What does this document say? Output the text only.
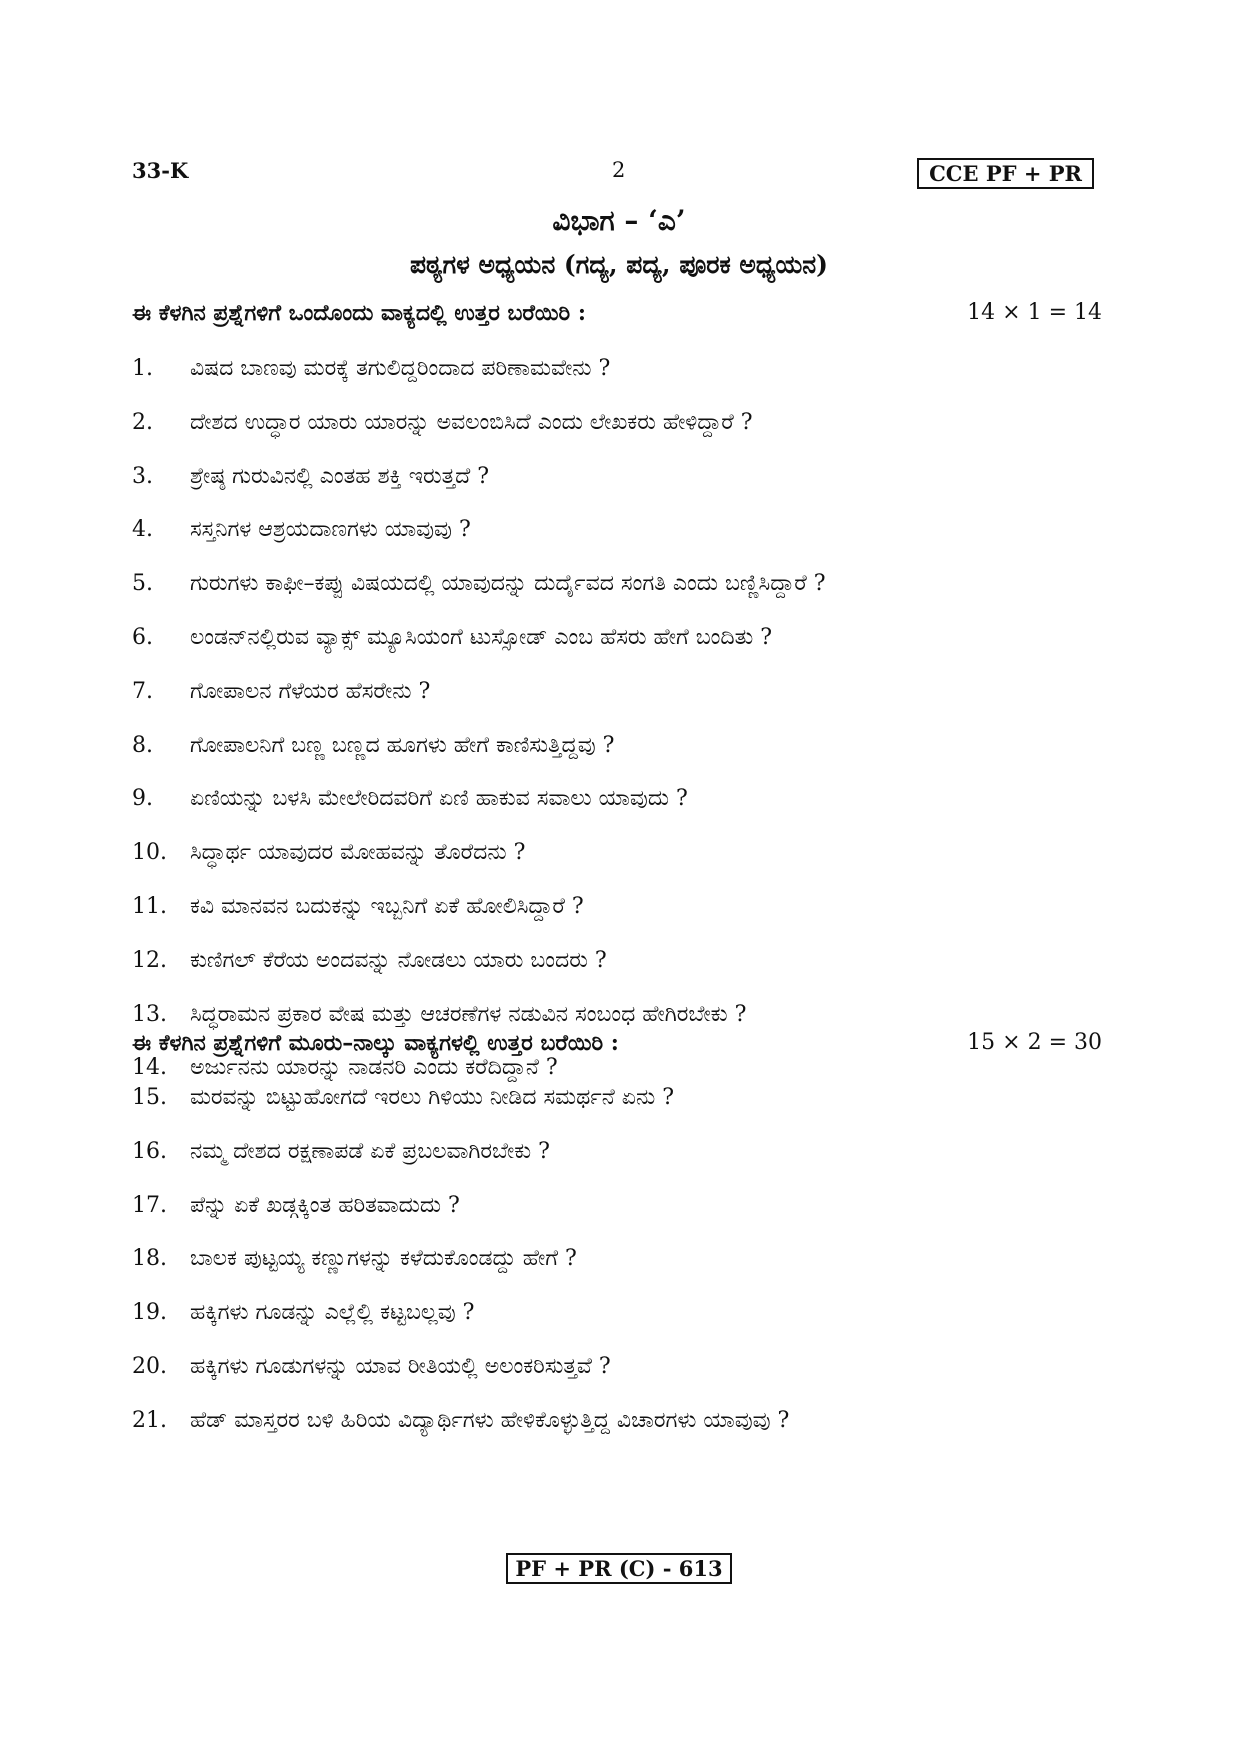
33-K	2	CCE PF + PR
ವಿಭಾಗ – ‘ಎ’
ಪಠ್ಯಗಳ ಅಧ್ಯಯನ (ಗದ್ಯ, ಪದ್ಯ, ಪೂರಕ ಅಧ್ಯಯನ)
ಈ ಕೆಳಗಿನ ಪ್ರಶ್ನೆಗಳಿಗೆ ಒಂದೊಂದು ವಾಕ್ಯದಲ್ಲಿ ಉತ್ತರ ಬರೆಯಿರಿ :	14 × 1 = 14
1.	ವಿಷದ ಬಾಣವು ಮರಕ್ಕೆ ತಗುಲಿದ್ದರಿಂದಾದ ಪರಿಣಾಮವೇನು ?
2.	ದೇಶದ ಉದ್ಧಾರ ಯಾರು ಯಾರನ್ನು ಅವಲಂಬಿಸಿದೆ ಎಂದು ಲೇಖಕರು ಹೇಳಿದ್ದಾರೆ ?
3.	ಶ್ರೇಷ್ಠ ಗುರುವಿನಲ್ಲಿ ಎಂತಹ ಶಕ್ತಿ ಇರುತ್ತದೆ ?
4.	ಸಸ್ತನಿಗಳ ಆಶ್ರಯದಾಣಗಳು ಯಾವುವು ?
5.	ಗುರುಗಳು ಕಾಫೀ–ಕಪ್ಪು ವಿಷಯದಲ್ಲಿ ಯಾವುದನ್ನು ದುರ್ದೈವದ ಸಂಗತಿ ಎಂದು ಬಣ್ಣಿಸಿದ್ದಾರೆ ?
6.	ಲಂಡನ್‌ನಲ್ಲಿರುವ ವ್ಯಾಕ್ಸ್ ಮ್ಯೂಸಿಯಂಗೆ ಟುಸ್ಸೋಡ್ ಎಂಬ ಹೆಸರು ಹೇಗೆ ಬಂದಿತು ?
7.	ಗೋಪಾಲನ ಗೆಳೆಯರ ಹೆಸರೇನು ?
8.	ಗೋಪಾಲನಿಗೆ ಬಣ್ಣ ಬಣ್ಣದ ಹೂಗಳು ಹೇಗೆ ಕಾಣಿಸುತ್ತಿದ್ದವು ?
9.	ಏಣಿಯನ್ನು ಬಳಸಿ ಮೇಲೇರಿದವರಿಗೆ ಏಣಿ ಹಾಕುವ ಸವಾಲು ಯಾವುದು ?
10.	ಸಿದ್ಧಾರ್ಥ ಯಾವುದರ ಮೋಹವನ್ನು ತೊರೆದನು ?
11.	ಕವಿ ಮಾನವನ ಬದುಕನ್ನು ಇಬ್ಬನಿಗೆ ಏಕೆ ಹೋಲಿಸಿದ್ದಾರೆ ?
12.	ಕುಣಿಗಲ್ ಕೆರೆಯ ಅಂದವನ್ನು ನೋಡಲು ಯಾರು ಬಂದರು ?
13.	ಸಿದ್ಧರಾಮನ ಪ್ರಕಾರ ವೇಷ ಮತ್ತು ಆಚರಣೆಗಳ ನಡುವಿನ ಸಂಬಂಧ ಹೇಗಿರಬೇಕು ?
14.	ಅರ್ಜುನನು ಯಾರನ್ನು ನಾಡನರಿ ಎಂದು ಕರೆದಿದ್ದಾನೆ ?
ಈ ಕೆಳಗಿನ ಪ್ರಶ್ನೆಗಳಿಗೆ ಮೂರು–ನಾಲ್ಕು ವಾಕ್ಯಗಳಲ್ಲಿ ಉತ್ತರ ಬರೆಯಿರಿ :	15 × 2 = 30
15.	ಮರವನ್ನು ಬಿಟ್ಟುಹೋಗದೆ ಇರಲು ಗಿಳಿಯು ನೀಡಿದ ಸಮರ್ಥನೆ ಏನು ?
16.	ನಮ್ಮ ದೇಶದ ರಕ್ಷಣಾಪಡೆ ಏಕೆ ಪ್ರಬಲವಾಗಿರಬೇಕು ?
17.	ಪೆನ್ನು ಏಕೆ ಖಡ್ಗಕ್ಕಿಂತ ಹರಿತವಾದುದು ?
18.	ಬಾಲಕ ಪುಟ್ಟಯ್ಯ ಕಣ್ಣುಗಳನ್ನು ಕಳೆದುಕೊಂಡದ್ದು ಹೇಗೆ ?
19.	ಹಕ್ಕಿಗಳು ಗೂಡನ್ನು ಎಲ್ಲೆಲ್ಲಿ ಕಟ್ಟಬಲ್ಲವು ?
20.	ಹಕ್ಕಿಗಳು ಗೂಡುಗಳನ್ನು ಯಾವ ರೀತಿಯಲ್ಲಿ ಅಲಂಕರಿಸುತ್ತವೆ ?
21.	ಹೆಡ್ ಮಾಸ್ತರರ ಬಳಿ ಹಿರಿಯ ವಿದ್ಯಾರ್ಥಿಗಳು ಹೇಳಿಕೊಳ್ಳುತ್ತಿದ್ದ ವಿಚಾರಗಳು ಯಾವುವು ?
PF + PR (C) - 613
